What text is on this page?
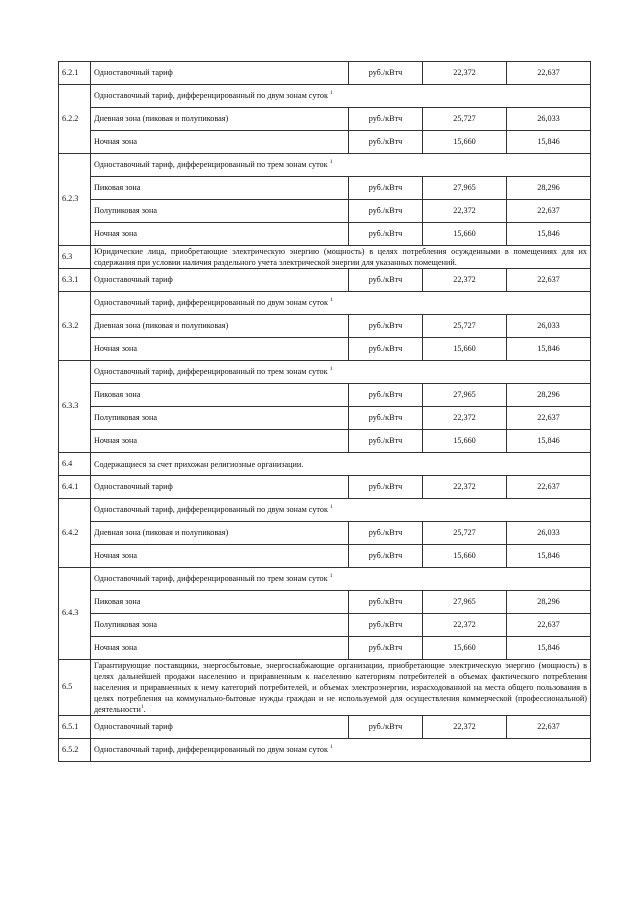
6.2.1	Одноставочный тариф	руб./кВтч	22,372	22,637
6.2.2	Одноставочный тариф, дифференцированный по двум зонам суток $^1$
	Дневная зона (пиковая и полупиковая)	руб./кВтч	25,727	26,033
	Ночная зона	руб./кВтч	15,660	15,846
6.2.3	Одноставочный тариф, дифференцированный по трем зонам суток $^1$
	Пиковая зона	руб./кВтч	27,965	28,296
	Полупиковая зона	руб./кВтч	22,372	22,637
	Ночная зона	руб./кВтч	15,660	15,846
6.3	Юридические лица, приобретающие электрическую энергию (мощность) в целях потребления осужденными в помещениях для их содержания при условии наличия раздельного учета электрической энергии для указанных помещений.			
6.3.1	Одноставочный тариф	руб./кВтч	22,372	22,637
6.3.2	Одноставочный тариф, дифференцированный по двум зонам суток $^1$
	Дневная зона (пиковая и полупиковая)	руб./кВтч	25,727	26,033
	Ночная зона	руб./кВтч	15,660	15,846
6.3.3	Одноставочный тариф, дифференцированный по трем зонам суток $^1$
	Пиковая зона	руб./кВтч	27,965	28,296
	Полупиковая зона	руб./кВтч	22,372	22,637
	Ночная зона	руб./кВтч	15,660	15,846
6.4	Содержащиеся за счет прихожан религиозные организации.			
6.4.1	Одноставочный тариф	руб./кВтч	22,372	22,637
6.4.2	Одноставочный тариф, дифференцированный по двум зонам суток $^1$
	Дневная зона (пиковая и полупиковая)	руб./кВтч	25,727	26,033
	Ночная зона	руб./кВтч	15,660	15,846
6.4.3	Одноставочный тариф, дифференцированный по трем зонам суток $^1$
	Пиковая зона	руб./кВтч	27,965	28,296
	Полупиковая зона	руб./кВтч	22,372	22,637
	Ночная зона	руб./кВтч	15,660	15,846
6.5	Гарантирующие поставщики, энергосбытовые, энергоснабжающие организации, приобретающие электрическую энергию (мощность) в целях дальнейшей продажи населению и приравненным к населению категориям потребителей в объемах фактического потребления населения и приравненных к нему категорий потребителей, и объемах электроэнергии, израсходованной на места общего пользования в целях потребления на коммунально-бытовые нужды граждан и не используемой для осуществления коммерческой (профессиональной) деятельности$^1$.			
6.5.1	Одноставочный тариф	руб./кВтч	22,372	22,637
6.5.2	Одноставочный тариф, дифференцированный по двум зонам суток $^1$
